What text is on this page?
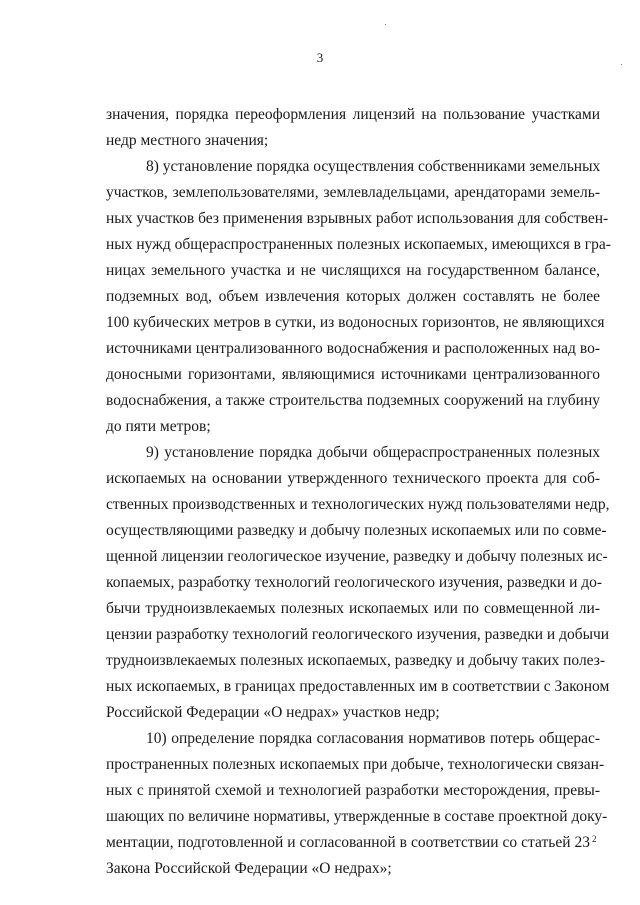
3
значения, порядка переоформления лицензий на пользование участками
недр местного значения;
8) установление порядка осуществления собственниками земельных
участков, землепользователями, землевладельцами, арендаторами земель-
ных участков без применения взрывных работ использования для собствен-
ных нужд общераспространенных полезных ископаемых, имеющихся в гра-
ницах земельного участка и не числящихся на государственном балансе,
подземных вод, объем извлечения которых должен составлять не более
100 кубических метров в сутки, из водоносных горизонтов, не являющихся
источниками централизованного водоснабжения и расположенных над во-
доносными горизонтами, являющимися источниками централизованного
водоснабжения, а также строительства подземных сооружений на глубину
до пяти метров;
9) установление порядка добычи общераспространенных полезных
ископаемых на основании утвержденного технического проекта для соб-
ственных производственных и технологических нужд пользователями недр,
осуществляющими разведку и добычу полезных ископаемых или по совме-
щенной лицензии геологическое изучение, разведку и добычу полезных ис-
копаемых, разработку технологий геологического изучения, разведки и до-
бычи трудноизвлекаемых полезных ископаемых или по совмещенной ли-
цензии разработку технологий геологического изучения, разведки и добычи
трудноизвлекаемых полезных ископаемых, разведку и добычу таких полез-
ных ископаемых, в границах предоставленных им в соответствии с Законом
Российской Федерации «О недрах» участков недр;
10) определение порядка согласования нормативов потерь общерас-
пространенных полезных ископаемых при добыче, технологически связан-
ных с принятой схемой и технологией разработки месторождения, превы-
шающих по величине нормативы, утвержденные в составе проектной доку-
ментации, подготовленной и согласованной в соответствии со статьей 23 2
Закона Российской Федерации «О недрах»;
